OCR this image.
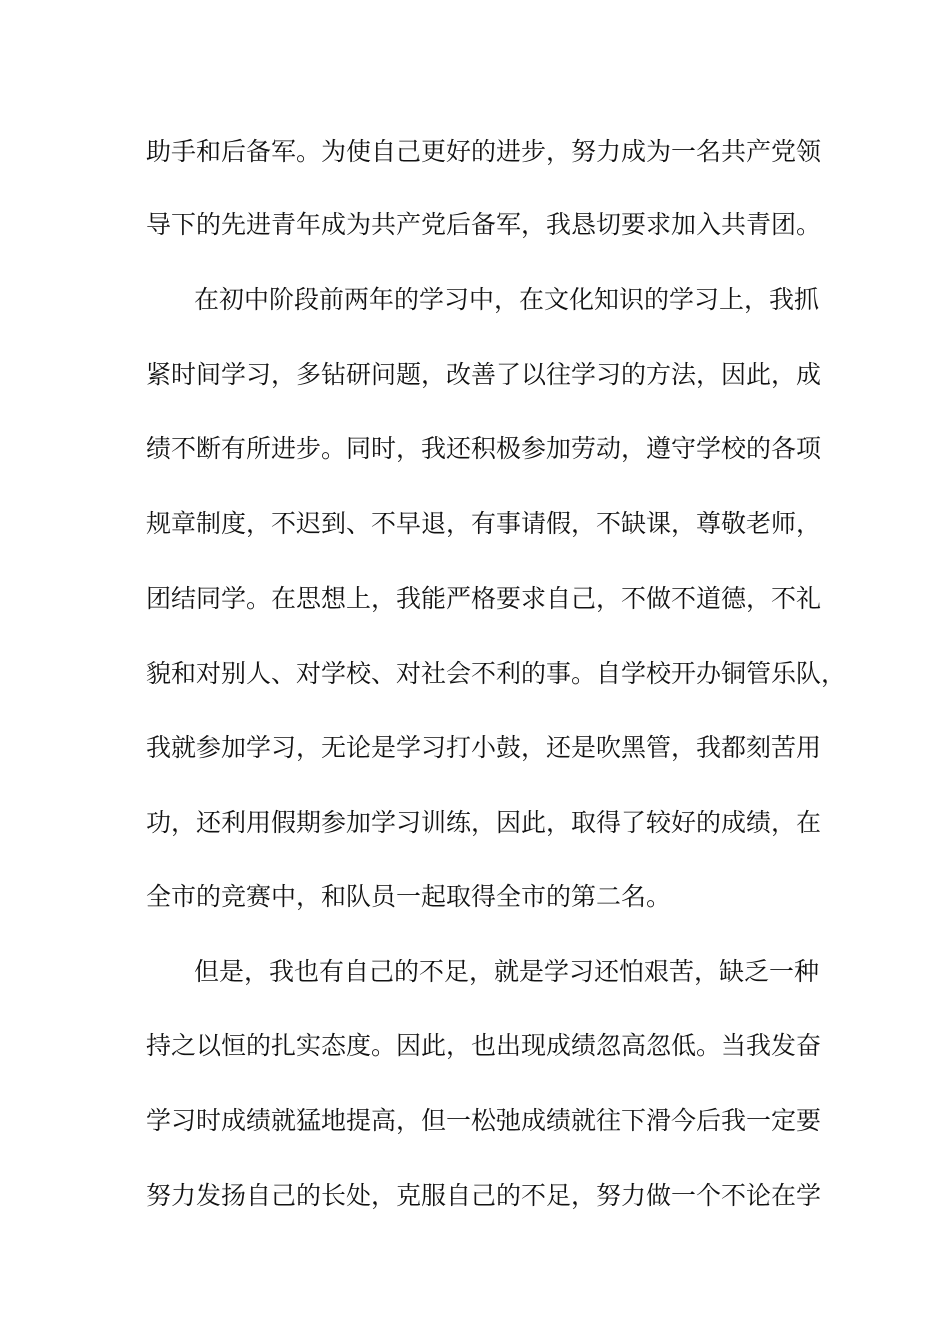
助手和后备军。为使自己更好的进步，努力成为一名共产党领
导下的先进青年成为共产党后备军，我恳切要求加入共青团。
在初中阶段前两年的学习中，在文化知识的学习上，我抓
紧时间学习，多钻研问题，改善了以往学习的方法，因此，成
绩不断有所进步。同时，我还积极参加劳动，遵守学校的各项
规章制度，不迟到、不早退，有事请假，不缺课，尊敬老师，
团结同学。在思想上，我能严格要求自己，不做不道德，不礼
貌和对别人、对学校、对社会不利的事。自学校开办铜管乐队，
我就参加学习，无论是学习打小鼓，还是吹黑管，我都刻苦用
功，还利用假期参加学习训练，因此，取得了较好的成绩，在
全市的竞赛中，和队员一起取得全市的第二名。
但是，我也有自己的不足，就是学习还怕艰苦，缺乏一种
持之以恒的扎实态度。因此，也出现成绩忽高忽低。当我发奋
学习时成绩就猛地提高，但一松弛成绩就往下滑今后我一定要
努力发扬自己的长处，克服自己的不足，努力做一个不论在学
